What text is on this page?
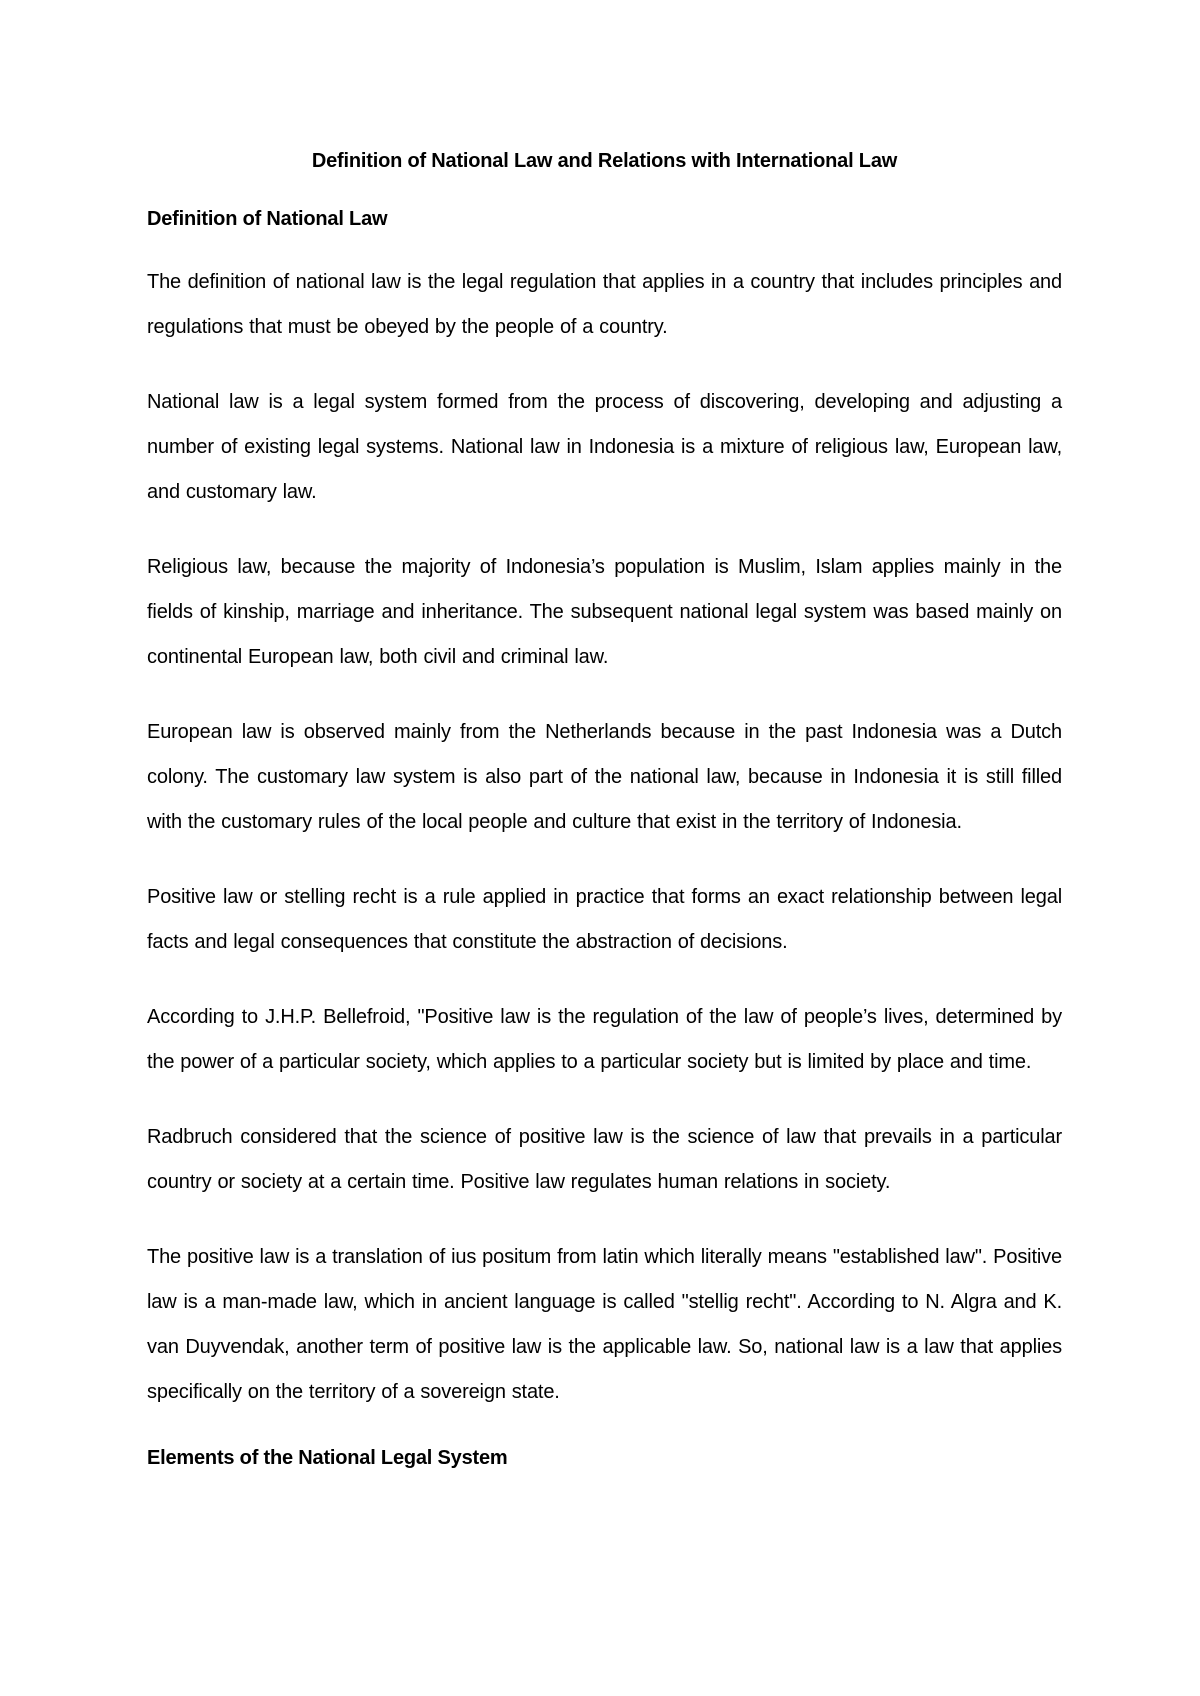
Definition of National Law and Relations with International Law
Definition of National Law

The definition of national law is the legal regulation that applies in a country that includes principles and regulations that must be obeyed by the people of a country.

National law is a legal system formed from the process of discovering, developing and adjusting a number of existing legal systems. National law in Indonesia is a mixture of religious law, European law, and customary law.

Religious law, because the majority of Indonesia’s population is Muslim, Islam applies mainly in the fields of kinship, marriage and inheritance. The subsequent national legal system was based mainly on continental European law, both civil and criminal law.

European law is observed mainly from the Netherlands because in the past Indonesia was a Dutch colony. The customary law system is also part of the national law, because in Indonesia it is still filled with the customary rules of the local people and culture that exist in the territory of Indonesia.

Positive law or stelling recht is a rule applied in practice that forms an exact relationship between legal facts and legal consequences that constitute the abstraction of decisions.

According to J.H.P. Bellefroid, "Positive law is the regulation of the law of people’s lives, determined by the power of a particular society, which applies to a particular society but is limited by place and time.

Radbruch considered that the science of positive law is the science of law that prevails in a particular country or society at a certain time. Positive law regulates human relations in society.

The positive law is a translation of ius positum from latin which literally means "established law". Positive law is a man-made law, which in ancient language is called "stellig recht". According to N. Algra and K. van Duyvendak, another term of positive law is the applicable law. So, national law is a law that applies specifically on the territory of a sovereign state.

Elements of the National Legal System
